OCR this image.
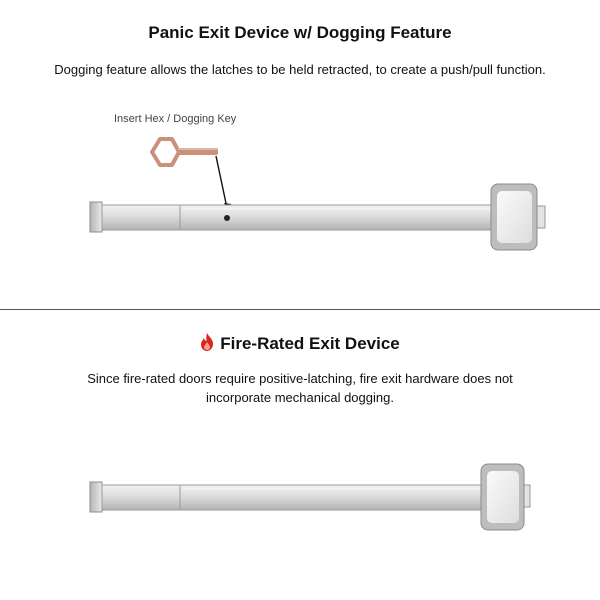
Panic Exit Device w/ Dogging Feature
Dogging feature allows the latches to be held retracted, to create a push/pull function.
Insert Hex / Dogging Key
Fire-Rated Exit Device
Since fire-rated doors require positive-latching, fire exit hardware does not
incorporate mechanical dogging.
